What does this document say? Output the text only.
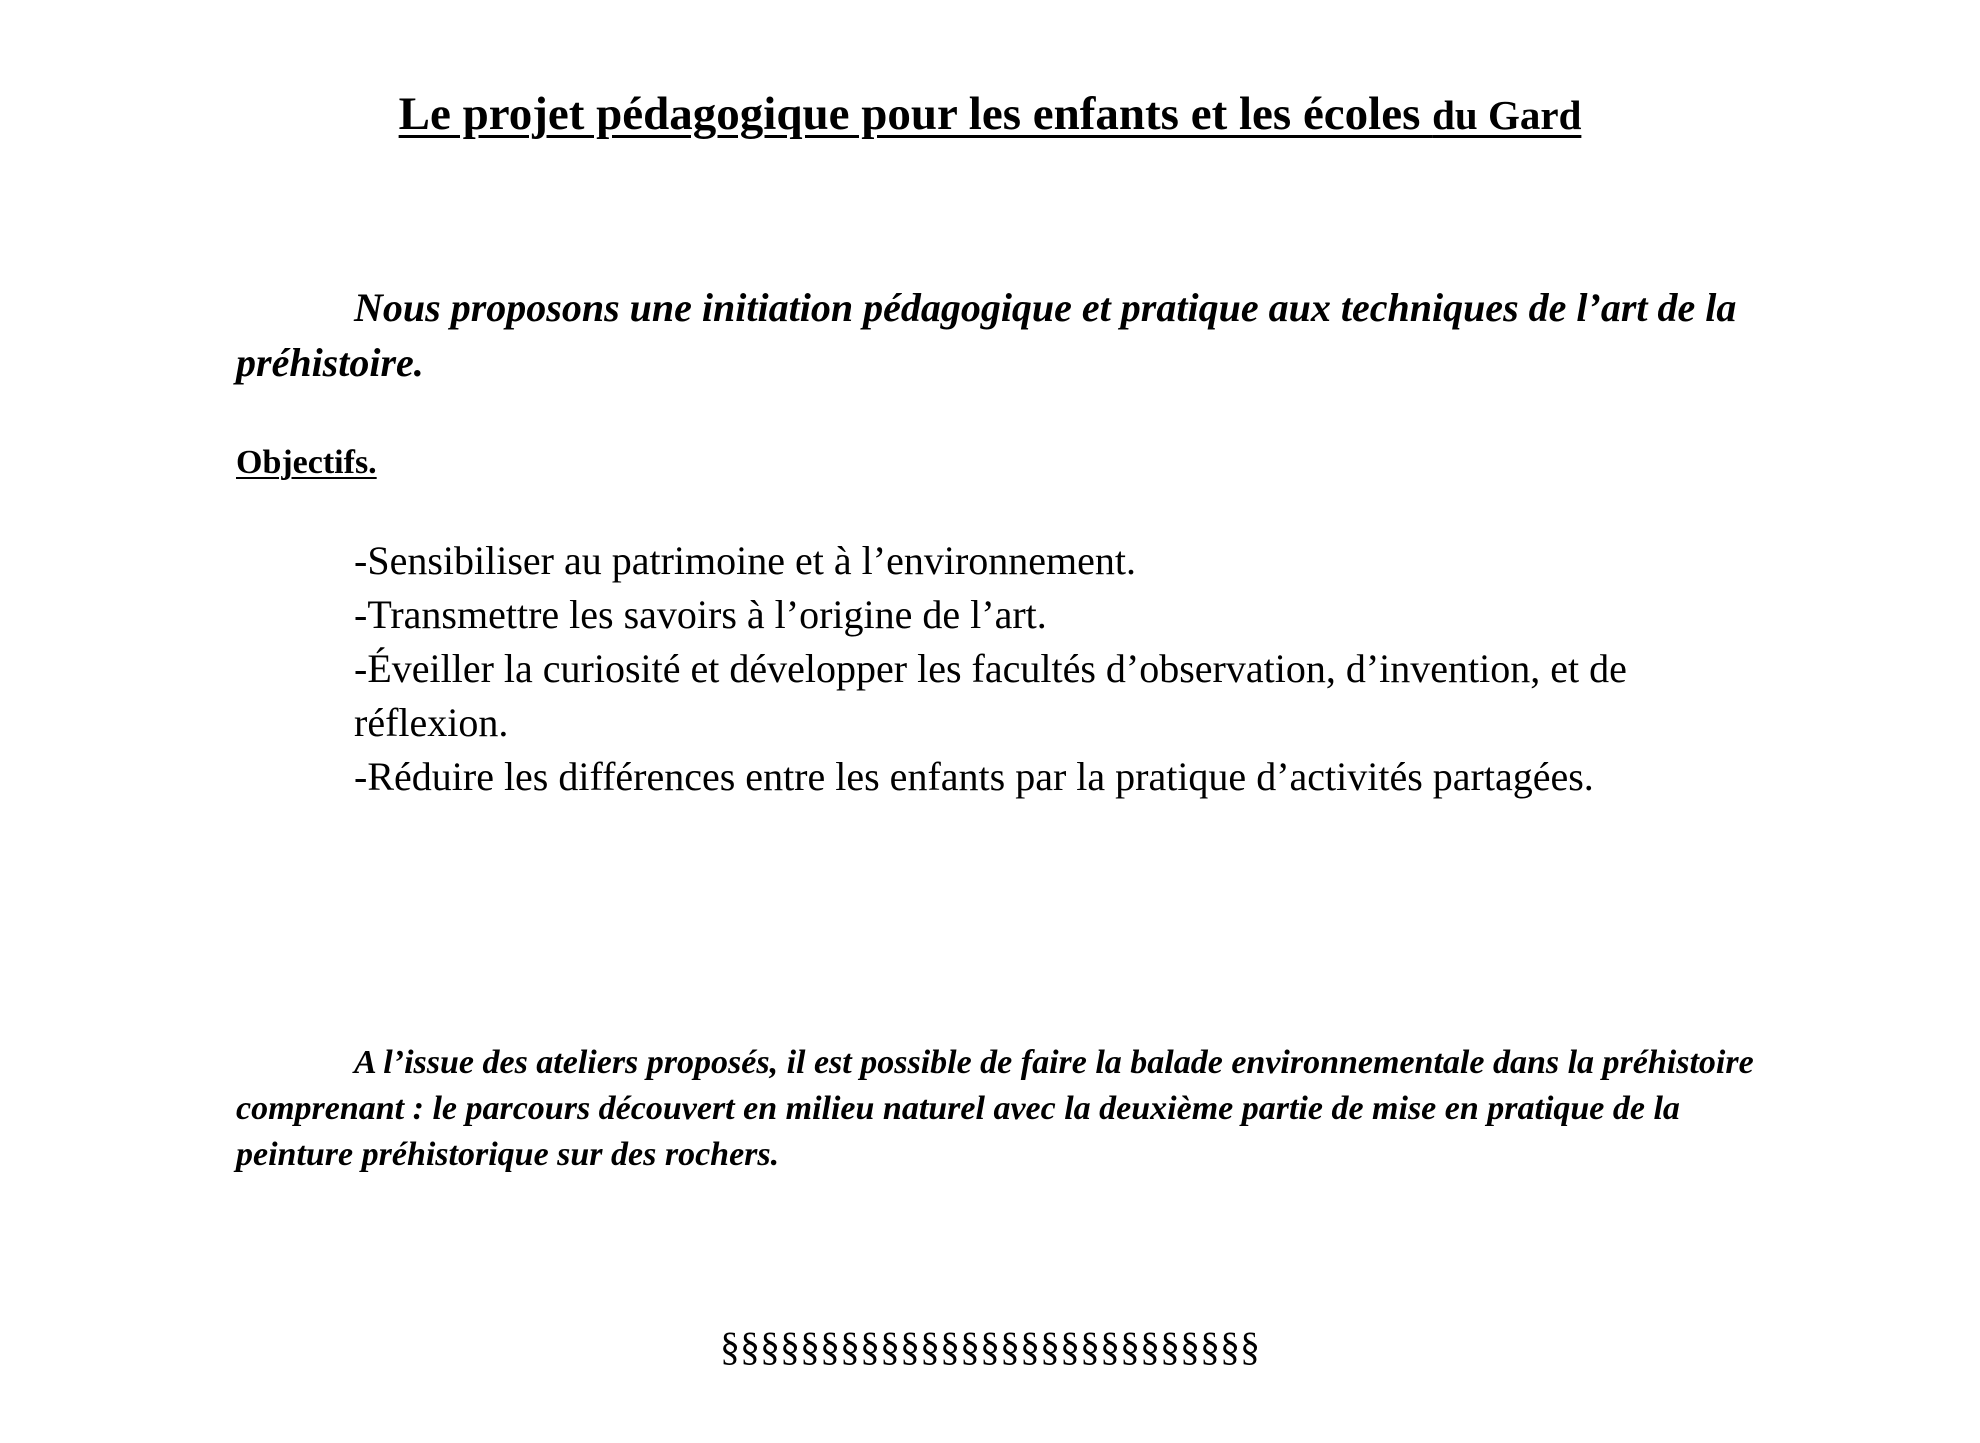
Le projet pédagogique pour les enfants et les écoles du Gard

Nous proposons une initiation pédagogique et pratique aux techniques de l’art de la préhistoire.

Objectifs.
-Sensibiliser au patrimoine et à l’environnement.
-Transmettre les savoirs à l’origine de l’art.
-Éveiller la curiosité et développer les facultés d’observation, d’invention, et de réflexion.
-Réduire les différences entre les enfants par la pratique d’activités partagées.

A l’issue des ateliers proposés, il est possible de faire la balade environnementale dans la préhistoire comprenant : le parcours découvert en milieu naturel avec la deuxième partie de mise en pratique de la peinture préhistorique sur des rochers.

§§§§§§§§§§§§§§§§§§§§§§§§§§§
